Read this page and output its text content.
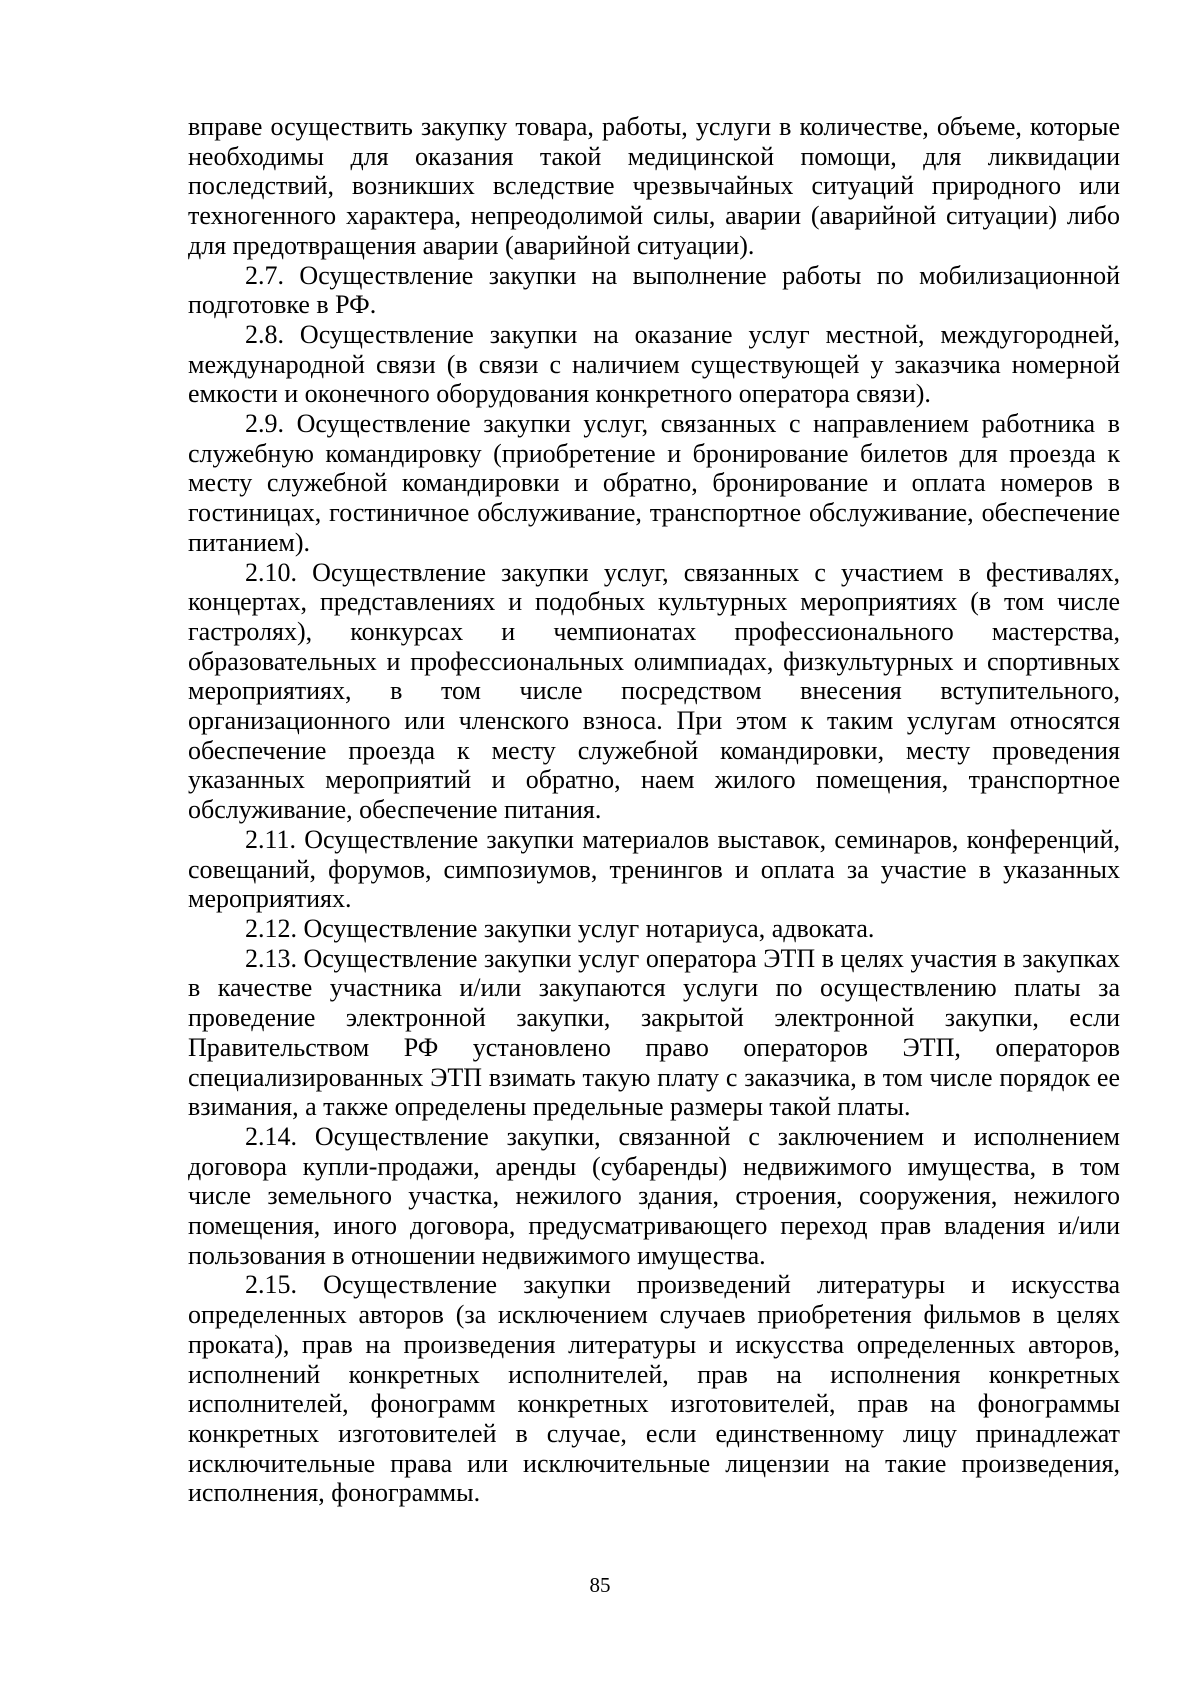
вправе осуществить закупку товара, работы, услуги в количестве, объеме, которые необходимы для оказания такой медицинской помощи, для ликвидации последствий, возникших вследствие чрезвычайных ситуаций природного или техногенного характера, непреодолимой силы, аварии (аварийной ситуации) либо для предотвращения аварии (аварийной ситуации).

2.7. Осуществление закупки на выполнение работы по мобилизационной подготовке в РФ.

2.8. Осуществление закупки на оказание услуг местной, междугородней, международной связи (в связи с наличием существующей у заказчика номерной емкости и оконечного оборудования конкретного оператора связи).

2.9. Осуществление закупки услуг, связанных с направлением работника в служебную командировку (приобретение и бронирование билетов для проезда к месту служебной командировки и обратно, бронирование и оплата номеров в гостиницах, гостиничное обслуживание, транспортное обслуживание, обеспечение питанием).

2.10. Осуществление закупки услуг, связанных с участием в фестивалях, концертах, представлениях и подобных культурных мероприятиях (в том числе гастролях), конкурсах и чемпионатах профессионального мастерства, образовательных и профессиональных олимпиадах, физкультурных и спортивных мероприятиях, в том числе посредством внесения вступительного, организационного или членского взноса. При этом к таким услугам относятся обеспечение проезда к месту служебной командировки, месту проведения указанных мероприятий и обратно, наем жилого помещения, транспортное обслуживание, обеспечение питания.

2.11. Осуществление закупки материалов выставок, семинаров, конференций, совещаний, форумов, симпозиумов, тренингов и оплата за участие в указанных мероприятиях.

2.12. Осуществление закупки услуг нотариуса, адвоката.

2.13. Осуществление закупки услуг оператора ЭТП в целях участия в закупках в качестве участника и/или закупаются услуги по осуществлению платы за проведение электронной закупки, закрытой электронной закупки, если Правительством РФ установлено право операторов ЭТП, операторов специализированных ЭТП взимать такую плату с заказчика, в том числе порядок ее взимания, а также определены предельные размеры такой платы.

2.14. Осуществление закупки, связанной с заключением и исполнением договора купли-продажи, аренды (субаренды) недвижимого имущества, в том числе земельного участка, нежилого здания, строения, сооружения, нежилого помещения, иного договора, предусматривающего переход прав владения и/или пользования в отношении недвижимого имущества.

2.15. Осуществление закупки произведений литературы и искусства определенных авторов (за исключением случаев приобретения фильмов в целях проката), прав на произведения литературы и искусства определенных авторов, исполнений конкретных исполнителей, прав на исполнения конкретных исполнителей, фонограмм конкретных изготовителей, прав на фонограммы конкретных изготовителей в случае, если единственному лицу принадлежат исключительные права или исключительные лицензии на такие произведения, исполнения, фонограммы.

85
